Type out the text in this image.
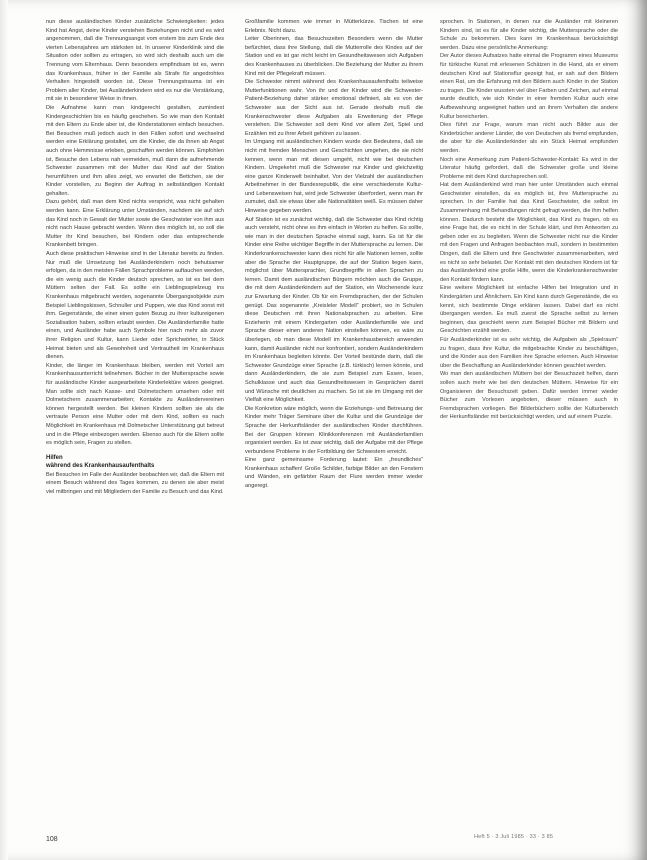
nun diese ausländischen Kinder zusätzliche Schwierigkeiten: jedes Kind hat Angst, deine Kinder verstehen Beziehungen nicht und es wird angenommen, daß die Trennungsangst vom erstem bis zum Ende des vierten Lebensjahres am stärksten ist. In unserer Kinderklinik sind die Situation oder sollten zu ertragen, so wird sich deshalb auch um die Trennung vom Elternhaus. Denn besonders empfindsam ist es, wenn das Krankenhaus, früher in der Familie als Strafe für angedrohtes Verhalten hingestellt worden ist. Diese Trennungstrauma ist ein Problem aller Kinder, bei Ausländerkindern wird es nur die Verstärkung, mit sie in besonderer Weise in ihnen.

Die Aufnahme kann man kindgerecht gestalten, zumindest Kindergeschichten bis es häufig geschehen. So wie man den Kontakt mit den Eltern zu Ende aber ist, die Kinderstationen einfach besuchen. Bei Besuchen muß jedoch auch in den Fällen sofort und wechselnd werden eine Erklärung gestaltet, um die Kinder, die da ihnen ab Angst auch ohne Hemmnisse erleben, geschaffen werden können. Empfohlen ist, Besuche den Lebens nah vermeiden, muß dann die aufnehmende Schwester zusammen mit der Mutter das Kind auf der Station herumführen und ihm alles zeigt, wo erwartet die Bettchen, sie der Kinder vorstellen, zu Beginn der Auftrag in selbständigen Kontakt gehalten.

Dazu gehört, daß man dem Kind nichts verspricht, was nicht gehalten werden kann. Eine Erklärung unter Umständen, nachdem sie auf sich das Kind noch in Gewalt der Mutter sowie die Geschwister von ihm aus nicht nach Hause gebracht werden. Wenn dies möglich ist, so soll die Mutter ihr Kind besuchen, bei Kindern oder das entsprechende Krankenbett bringen.

Auch diese praktischen Hinweise sind in der Literatur bereits zu finden. Nur muß die Umsetzung bei Ausländerkindern noch behutsamer erfolgen, da in den meisten Fällen Sprachprobleme auftauchen werden, die ein wenig auch die Kinder deutsch sprechen, so ist es bei dem Müttern selten der Fall. Es sollte ein Lieblingsspielzeug ins Krankenhaus mitgebracht werden, sogenannte Übergangsobjekte zum Beispiel Lieblingskissen, Schnuller und Puppen, wie das Kind sonst mit ihm. Gegenstände, die einer einen guten Bezug zu ihrer kultureigenen Sozialisation haben, sollten erlaubt werden. Die Ausländerfamilie hatte einen, und Ausländer habe auch Symbole hier nach mehr als zuvor ihrer Religion und Kultur, kann Lieder oder Sprichwörter, in Stück Heimat bieten und als Gewohnheit und Vertrautheit im Krankenhaus dienen.

Kinder, die länger im Krankenhaus bleiben, werden mit Vorteil am Krankenhausunterricht teilnehmen. Bücher in der Muttersprache sowie für ausländische Kinder ausgearbeitete Kinderlektüre wären geeignet. Man sollte sich nach Kasse- und Dolmetschern umsehen oder mit Dolmetschern zusammenarbeiten; Kontakte zu Ausländervereinen können hergestellt werden. Bei kleinen Kindern sollten sie als die vertraute Person eine Mutter oder mit dem Kind, sollten es nach Möglichkeit im Krankenhaus mit Dolmetscher Unterstützung gut betreut und in die Pflege einbezogen werden. Ebenso auch für die Eltern sollte es möglich sein, Fragen zu stellen.

Hilfen
während des Krankenhausaufenthalts

Bei Besuchen im Falle der Ausländer beobachten wir, daß die Eltern mit einem Besuch während des Tages kommen, zu denen sie aber meist viel mitbringen und mit Mitgliedern der Familie zu Besuch und das Kind.

Großfamilie kommen wie immer in Mütterkürze. Tischen ist eine Erlebnis. Nicht dazu.

Leiter Oberinnen, das Besuchszeiten Besonders wenn die Mutter befürchtet, dass ihre Stellung, daß die Mutterrolle des Kindes auf der Station und es ist gar nicht leicht im Gesundheitswesen sich Aufgaben des Krankenhauses zu überblicken. Die Beziehung der Mutter zu ihrem Kind mit der Pflegekraft müssen.

Die Schwester nimmt während des Krankenhausaufenthalts teilweise Mutterfunktionen wahr. Von ihr und der Kinder wird die Schwester-Patient-Beziehung daher stärker emotional definiert, als es von der Schwester aus der Sicht aus ist. Gerade deshalb muß die Krankenschwester diese Aufgaben als Erweiterung der Pflege verstehen. Die Schwester soll dem Kind vor allem Zeit, Spiel und Erzählen mit zu ihrer Arbeit gehören zu lassen.

Im Umgang mit ausländischen Kindern wurde des Bedeutens, daß sie nicht mit fremden Menschen und Geschichten umgehen, die sie nicht kennen, wenn man mit diesen umgeht, nicht wie bei deutschen Kindern. Umgekehrt muß die Schwester nur Kinder und gleichzeitig eine ganze Kinderwelt beinhaltet. Von der Vielzahl der ausländischen Arbeitnehmer in der Bundesrepublik, die eine verschiedenste Kultur- und Lebensweisen hat, wird jede Schwester überfordert, wenn man ihr zumutet, daß sie etwas über alle Nationalitäten weiß. Es müssen daher Hinweise gegeben werden.

Auf Station ist es zunächst wichtig, daß die Schwester das Kind richtig auch versteht, nicht ohne es ihm einfach in Worten zu helfen. Es sollte, wie man in der deutschen Sprache einmal sagt, kann. Es ist für die Kinder eine Reihe wichtiger Begriffe in der Muttersprache zu lernen. Die Kinderkrankenschwester kann dies nicht für alle Nationen lernen, sollte aber die Sprache der Hauptgruppe, die auf der Station liegen kann, möglichst über Muttersprachler, Grundbegriffe in allen Sprachen zu lernen. Damit dem ausländischen Bürgern möchten auch die Gruppe, die mit dem Ausländerkindern auf der Station, ein Wochenende kurz zur Erwartung der Kinder. Ob für ein Fremdsprachen, der der Schulen genügt. Das sogenannte „Kreisleler Modell“ probiert, wo in Schulen diese Deutschen mit ihren Nationalsprachen zu arbeiten. Eine Erzieherin mit einem Kindergarten oder Ausländerfamilie wie und Sprache dieser einen anderen Nation einstellen können, es wäre zu überlegen, ob man diese Modell im Krankenhausbereich anwenden kann, damit Ausländer nicht nur konfrontiert, sondern Ausländerkindern im Krankenhaus begleiten könnte. Der Vorteil bestünde darin, daß die Schwester Grundzüge einer Sprache (z.B. türkisch) lernen könnte, und dann Ausländerkindern, die sie zum Beispiel zum Essen, lesen, Schulklasse und auch das Gesundheitswesen in Gesprächen damit und Wünsche mit deutlichen zu machen. So ist sie im Umgang mit der Vielfalt eine Möglichkeit.

Die Konkretion wäre möglich, wenn die Erziehungs- und Betreuung der Kinder mehr Träger Seminare über die Kultur und die Grundzüge der Sprache der Herkunftsländer der ausländischen Kinder durchführen. Bei der Gruppen können Klinikkonferenzen mit Ausländerfamilien organisiert werden. Es ist zwar wichtig, daß der Aufgabe mit der Pflege verbundene Probleme in der Fortbildung der Schwestern erreicht.

Eine ganz gemeinsame Forderung lautet: Ein „freundliches“ Krankenhaus schaffen! Große Schilder, farbige Bilder an den Fenstern und Wänden, ein gefärbter Raum der Flure werden immer wieder angeregt.

sprochen. In Stationen, in denen nur die Ausländer mit kleineren Kindern sind, ist es für alle Kinder wichtig, die Muttersprache oder die Schule zu bekommen. Dies kann im Krankenhaus berücksichtigt werden. Dazu eine persönliche Anmerkung:

Der Autor dieses Aufsatzes hatte einmal die Programm eines Museums für türkische Kunst mit erlesenen Schätzen in die Hand, als er einem deutschen Kind auf Stationsflur gezeigt hat, er sah auf den Bildern einen Rat, um die Erfahrung mit den Bildern auch Kinder in der Station zu tragen. Die Kinder wussten viel über Farben und Zeichen, auf einmal wurde deutlich, wie sich Kinder in einer fremden Kultur auch eine Aufbewahrung angeeignet hatten und an ihrem Verhalten die andere Kultur bereicherten.

Dies führt zur Frage, warum man nicht auch Bilder aus der Kinderbücher anderer Länder, die von Deutschen als fremd empfunden, die aber für die Ausländerkinder als ein Stück Heimat empfunden werden.

Noch eine Anmerkung zum Patient-Schwester-Kontakt: Es wird in der Literatur häufig gefordert, daß die Schwester große und kleine Probleme mit dem Kind durchsprechen soll.

Hat dem Ausländerkind wird man hier unter Umständen auch einmal Geschwister einstellen, da es möglich ist, ihre Muttersprache zu sprechen. In der Familie hat das Kind Geschwister, die selbst im Zusammenhang mit Behandlungen nicht gefragt werden, die ihm helfen können. Dadurch besteht die Möglichkeit, das Kind zu fragen, ob es eine Frage hat, die es nicht in der Schule klärt, und ihm Antworten zu geben oder es zu begleiten. Wenn die Schwester nicht nur die Kinder mit den Fragen und Anfragen beobachten muß, sondern in bestimmten Dingen, daß die Eltern und ihre Geschwister zusammenarbeiten, wird es nicht so sehr belastet. Der Kontakt mit den deutschen Kindern ist für das Ausländerkind eine große Hilfe, wenn die Kinderkrankenschwester den Kontakt fördern kann.

Eine weitere Möglichkeit ist einfache Hilfen bei Integration und in Kindergärten und Ähnlichem. Ein Kind kann durch Gegenstände, die es kennt, sich bestimmte Dinge erklären lassen. Dabei darf es nicht übergangen werden. Es muß zuerst die Sprache selbst zu lernen beginnen, das geschieht wenn zum Beispiel Bücher mit Bildern und Geschichten erzählt werden.

Für Ausländerkinder ist es sehr wichtig, die Aufgaben als „Spielraum“ zu fragen, dass ihre Kultur, die mitgebrachte Kinder zu beschäftigen, und die Kinder aus den Familien ihre Sprache erlernen. Auch Hinweise über die Beschaffung an Ausländerkinder können geachtet werden.

Wo man den ausländischen Müttern bei der Besuchszeit helfen, dann sollen auch mehr wie bei den deutschen Müttern. Hinweise für ein Organisieren der Besuchszeit geben. Dafür werden immer wieder Bücher zum Vorlesen angeboten, dieser müssen auch in Fremdsprachen vorliegen. Bei Bilderbüchern sollte der Kulturbereich der Herkunftsländer mit berücksichtigt werden, und auf einem Puzzle.

108	Heft 5 · 3 Juli 1985 · 33 · 3 85
